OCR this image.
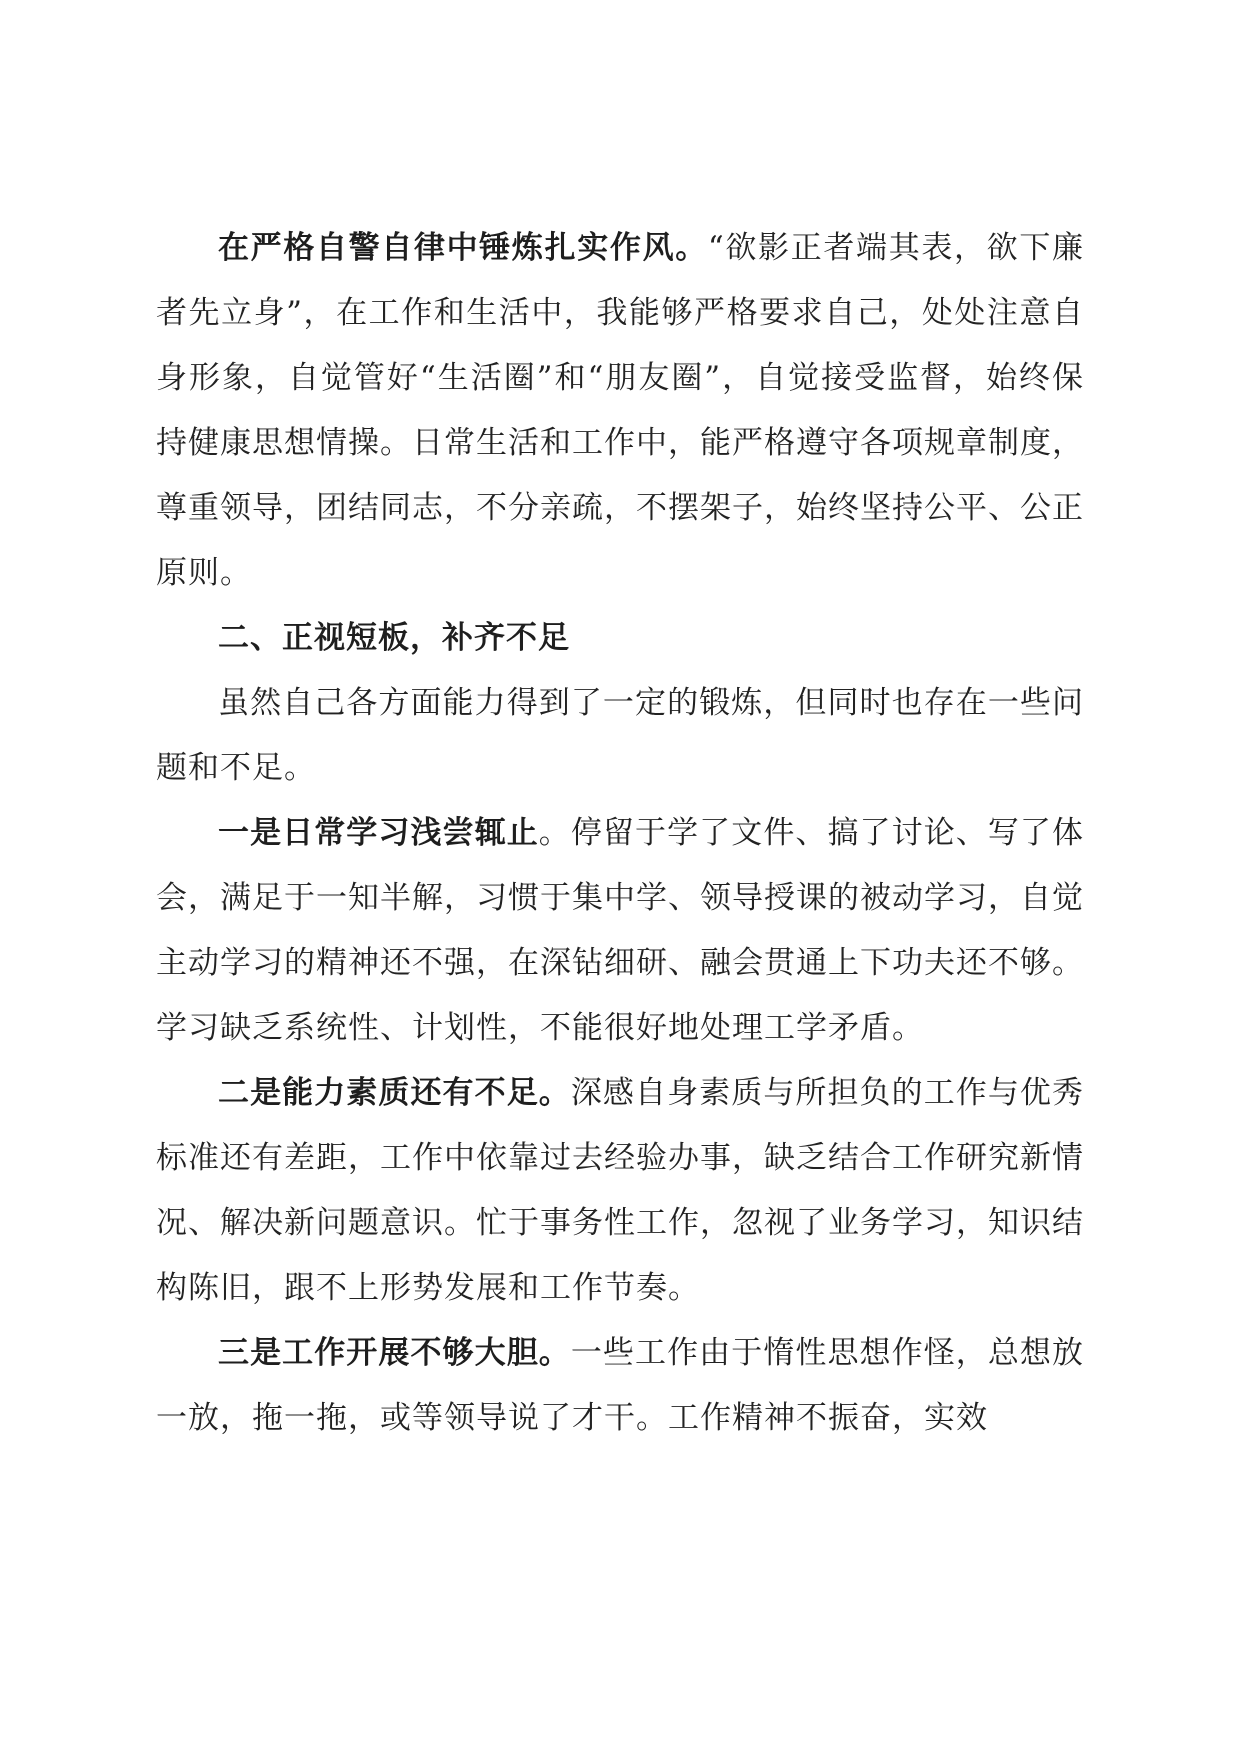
在严格自警自律中锤炼扎实作风。“欲影正者端其表，欲下廉者先立身”，在工作和生活中，我能够严格要求自己，处处注意自身形象，自觉管好“生活圈”和“朋友圈”，自觉接受监督，始终保持健康思想情操。日常生活和工作中，能严格遵守各项规章制度，尊重领导，团结同志，不分亲疏，不摆架子，始终坚持公平、公正原则。

二、正视短板，补齐不足

虽然自己各方面能力得到了一定的锻炼，但同时也存在一些问题和不足。

一是日常学习浅尝辄止。停留于学了文件、搞了讨论、写了体会，满足于一知半解，习惯于集中学、领导授课的被动学习，自觉主动学习的精神还不强，在深钻细研、融会贯通上下功夫还不够。学习缺乏系统性、计划性，不能很好地处理工学矛盾。

二是能力素质还有不足。深感自身素质与所担负的工作与优秀标准还有差距，工作中依靠过去经验办事，缺乏结合工作研究新情况、解决新问题意识。忙于事务性工作，忽视了业务学习，知识结构陈旧，跟不上形势发展和工作节奏。

三是工作开展不够大胆。一些工作由于惰性思想作怪，总想放一放，拖一拖，或等领导说了才干。工作精神不振奋，实效
